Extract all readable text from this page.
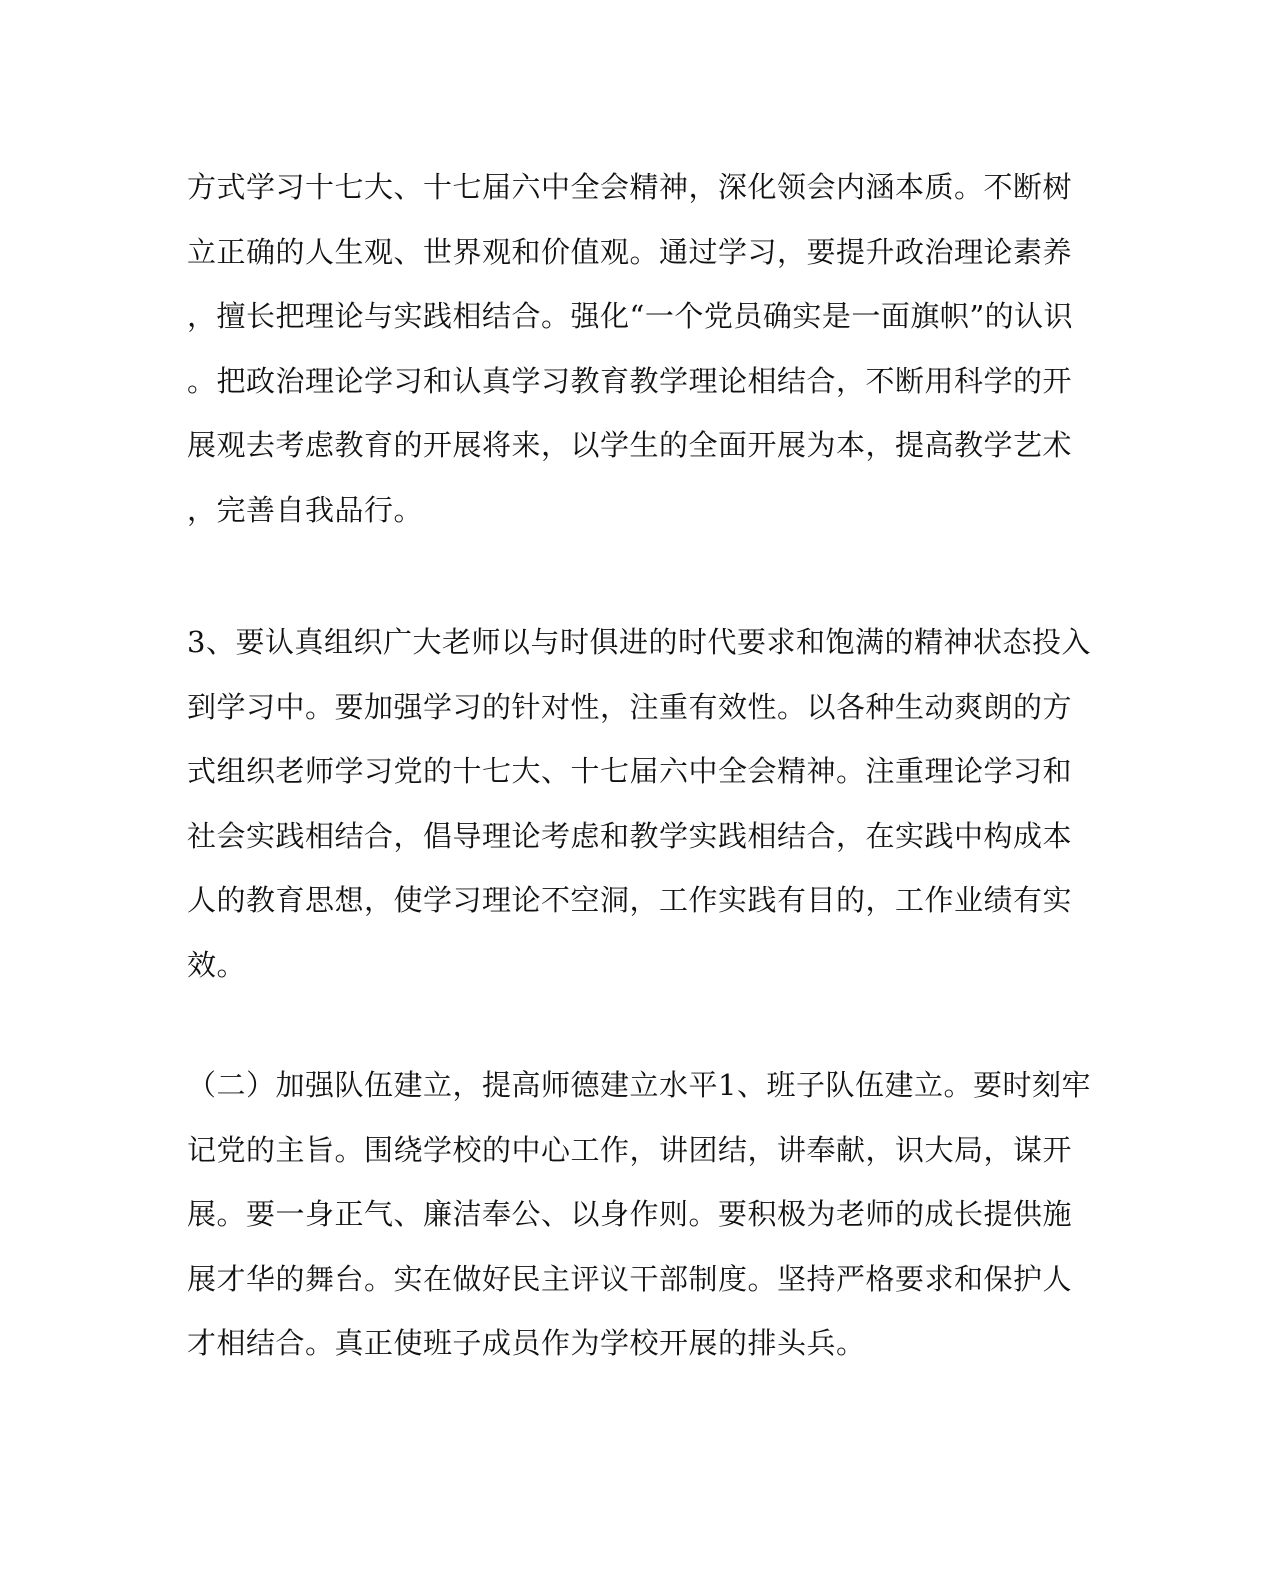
方式学习十七大、十七届六中全会精神，深化领会内涵本质。不断树
立正确的人生观、世界观和价值观。通过学习，要提升政治理论素养
，擅长把理论与实践相结合。强化“一个党员确实是一面旗帜”的认识
。把政治理论学习和认真学习教育教学理论相结合，不断用科学的开
展观去考虑教育的开展将来，以学生的全面开展为本，提高教学艺术
，完善自我品行。
3、要认真组织广大老师以与时俱进的时代要求和饱满的精神状态投入
到学习中。要加强学习的针对性，注重有效性。以各种生动爽朗的方
式组织老师学习党的十七大、十七届六中全会精神。注重理论学习和
社会实践相结合，倡导理论考虑和教学实践相结合，在实践中构成本
人的教育思想，使学习理论不空洞，工作实践有目的，工作业绩有实
效。
（二）加强队伍建立，提高师德建立水平1、班子队伍建立。要时刻牢
记党的主旨。围绕学校的中心工作，讲团结，讲奉献，识大局，谋开
展。要一身正气、廉洁奉公、以身作则。要积极为老师的成长提供施
展才华的舞台。实在做好民主评议干部制度。坚持严格要求和保护人
才相结合。真正使班子成员作为学校开展的排头兵。
